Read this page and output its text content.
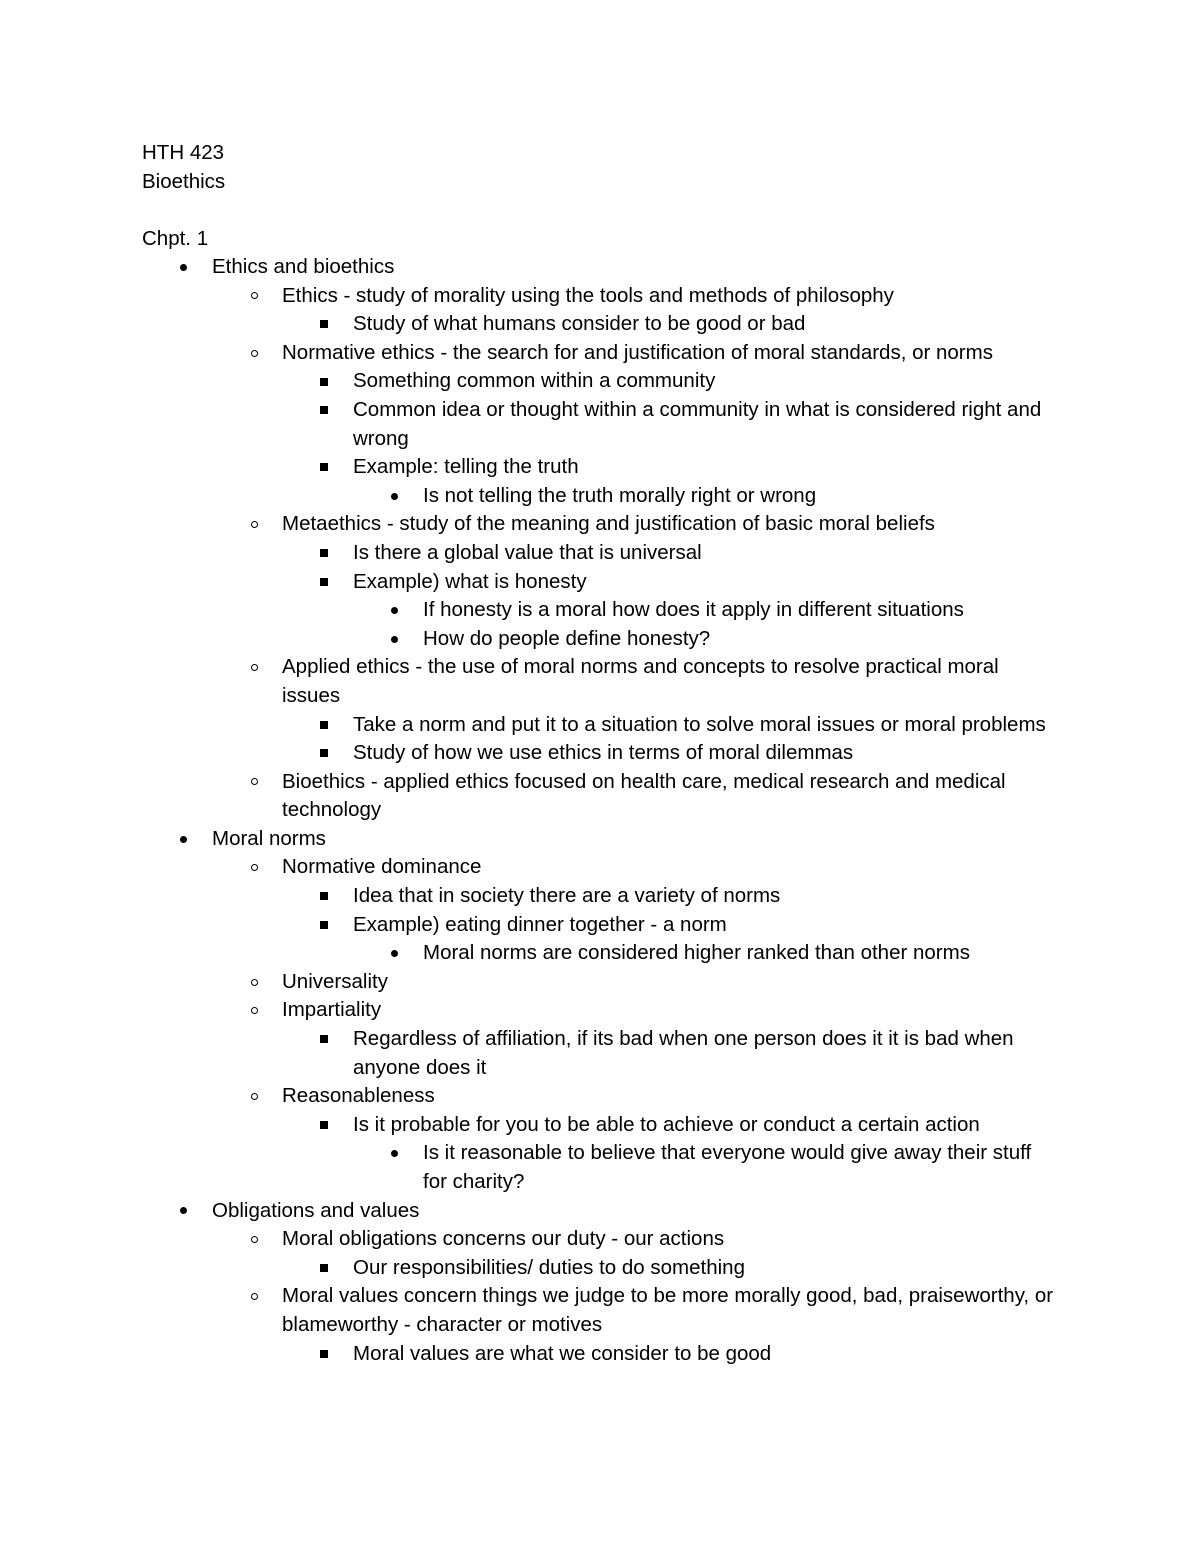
HTH 423
Bioethics
Chpt. 1
Ethics and bioethics
Ethics - study of morality using the tools and methods of philosophy
Study of what humans consider to be good or bad
Normative ethics - the search for and justification of moral standards, or norms
Something common within a community
Common idea or thought within a community in what is considered right and wrong
Example: telling the truth
Is not telling the truth morally right or wrong
Metaethics - study of the meaning and justification of basic moral beliefs
Is there a global value that is universal
Example) what is honesty
If honesty is a moral how does it apply in different situations
How do people define honesty?
Applied ethics - the use of moral norms and concepts to resolve practical moral issues
Take a norm and put it to a situation to solve moral issues or moral problems
Study of how we use ethics in terms of moral dilemmas
Bioethics - applied ethics focused on health care, medical research and medical technology
Moral norms
Normative dominance
Idea that in society there are a variety of norms
Example) eating dinner together - a norm
Moral norms are considered higher ranked than other norms
Universality
Impartiality
Regardless of affiliation, if its bad when one person does it it is bad when anyone does it
Reasonableness
Is it probable for you to be able to achieve or conduct a certain action
Is it reasonable to believe that everyone would give away their stuff for charity?
Obligations and values
Moral obligations concerns our duty - our actions
Our responsibilities/ duties to do something
Moral values concern things we judge to be more morally good, bad, praiseworthy, or blameworthy - character or motives
Moral values are what we consider to be good
